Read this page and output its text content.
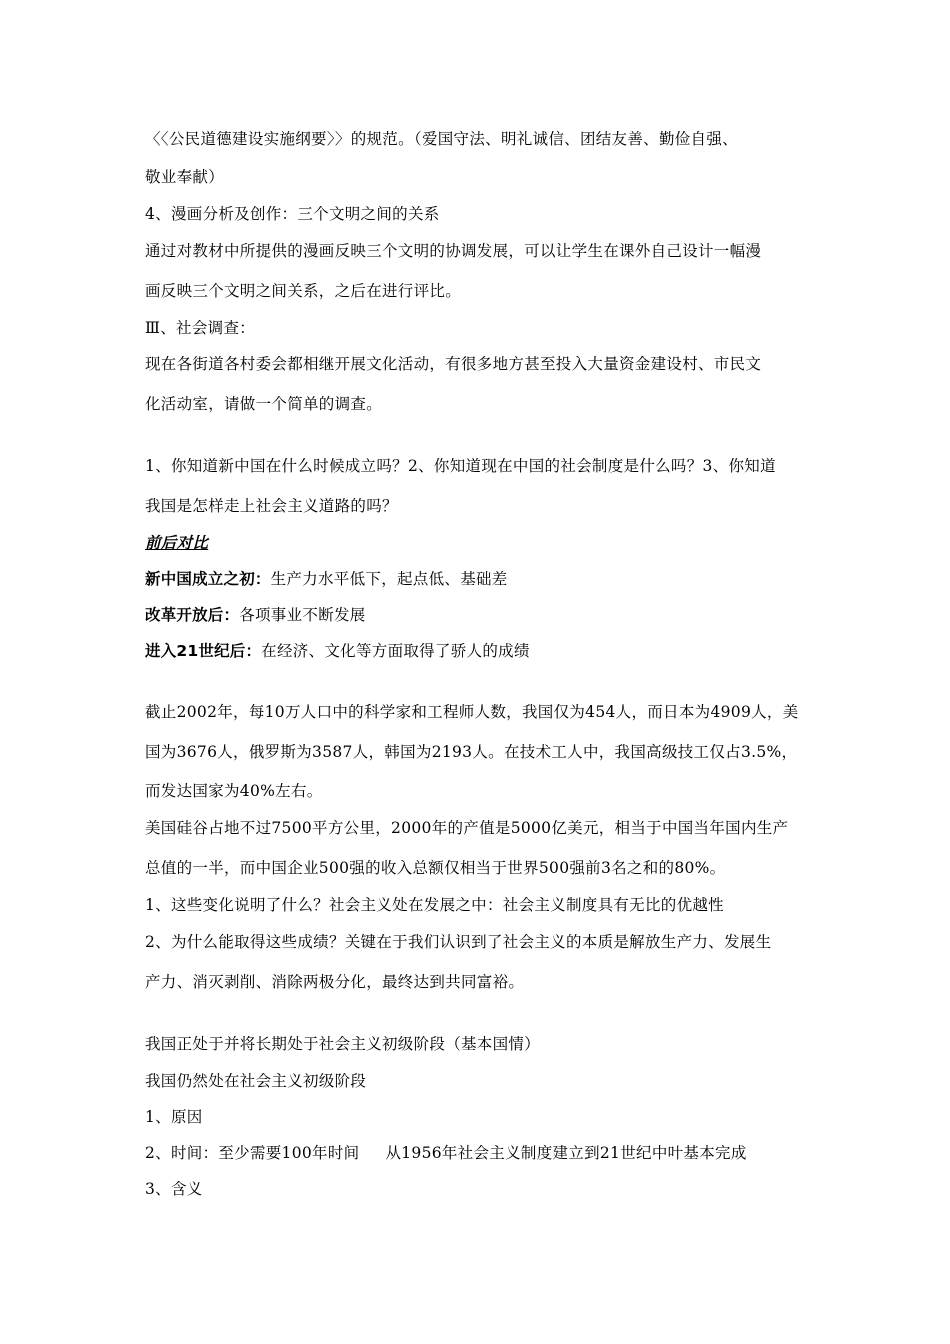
〈〈公民道德建设实施纲要〉〉的规范。（爱国守法、明礼诚信、团结友善、勤俭自强、
敬业奉献）
4、漫画分析及创作：三个文明之间的关系
通过对教材中所提供的漫画反映三个文明的协调发展，可以让学生在课外自己设计一幅漫
画反映三个文明之间关系，之后在进行评比。
Ⅲ、社会调查：
现在各街道各村委会都相继开展文化活动，有很多地方甚至投入大量资金建设村、市民文
化活动室，请做一个简单的调查。
1、你知道新中国在什么时候成立吗？2、你知道现在中国的社会制度是什么吗？3、你知道
我国是怎样走上社会主义道路的吗？
前后对比
新中国成立之初：生产力水平低下，起点低、基础差
改革开放后：各项事业不断发展
进入21世纪后：在经济、文化等方面取得了骄人的成绩
截止2002年，每10万人口中的科学家和工程师人数，我国仅为454人，而日本为4909人，美
国为3676人，俄罗斯为3587人，韩国为2193人。在技术工人中，我国高级技工仅占3.5%，
而发达国家为40%左右。
美国硅谷占地不过7500平方公里，2000年的产值是5000亿美元，相当于中国当年国内生产
总值的一半，而中国企业500强的收入总额仅相当于世界500强前3名之和的80%。
1、这些变化说明了什么？社会主义处在发展之中：社会主义制度具有无比的优越性
2、为什么能取得这些成绩？关键在于我们认识到了社会主义的本质是解放生产力、发展生
产力、消灭剥削、消除两极分化，最终达到共同富裕。
我国正处于并将长期处于社会主义初级阶段（基本国情）
我国仍然处在社会主义初级阶段
1、原因
2、时间：至少需要100年时间 从1956年社会主义制度建立到21世纪中叶基本完成
3、含义
